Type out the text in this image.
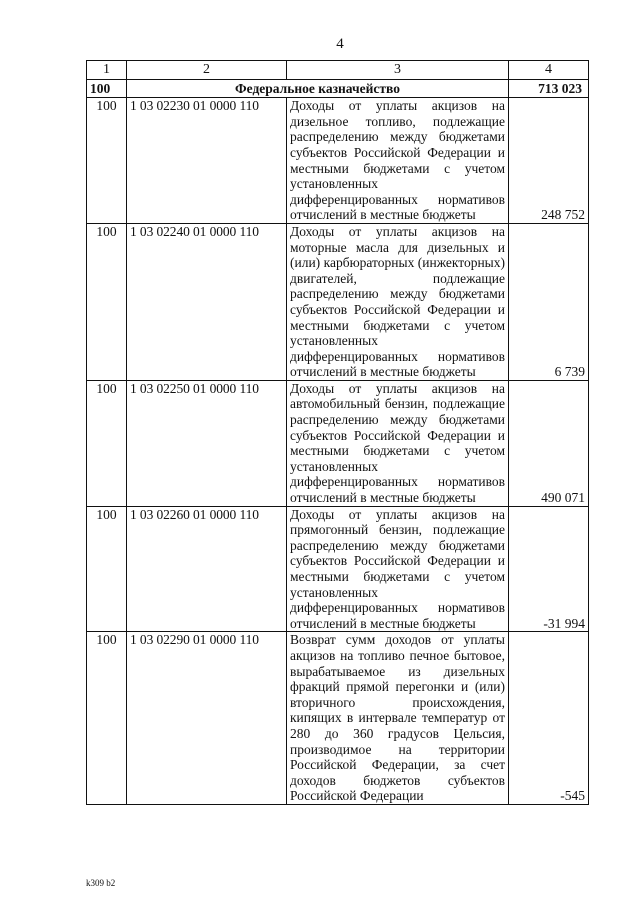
4
1	2	3	4
100	Федеральное казначейство		713 023
100	1 03 02230 01 0000 110	Доходы от уплаты акцизов на дизельное топливо, подлежащие распределению между бюджетами субъектов Российской Федерации и местными бюджетами с учетом установленных дифференцированных нормативов отчислений в местные бюджеты	248 752
100	1 03 02240 01 0000 110	Доходы от уплаты акцизов на моторные масла для дизельных и (или) карбюраторных (инжекторных) двигателей, подлежащие распределению между бюджетами субъектов Российской Федерации и местными бюджетами с учетом установленных дифференцированных нормативов отчислений в местные бюджеты	6 739
100	1 03 02250 01 0000 110	Доходы от уплаты акцизов на автомобильный бензин, подлежащие распределению между бюджетами субъектов Российской Федерации и местными бюджетами с учетом установленных дифференцированных нормативов отчислений в местные бюджеты	490 071
100	1 03 02260 01 0000 110	Доходы от уплаты акцизов на прямогонный бензин, подлежащие распределению между бюджетами субъектов Российской Федерации и местными бюджетами с учетом установленных дифференцированных нормативов отчислений в местные бюджеты	-31 994
100	1 03 02290 01 0000 110	Возврат сумм доходов от уплаты акцизов на топливо печное бытовое, вырабатываемое из дизельных фракций прямой перегонки и (или) вторичного происхождения, кипящих в интервале температур от 280 до 360 градусов Цельсия, производимое на территории Российской Федерации, за счет доходов бюджетов субъектов Российской Федерации	-545
k309 b2
